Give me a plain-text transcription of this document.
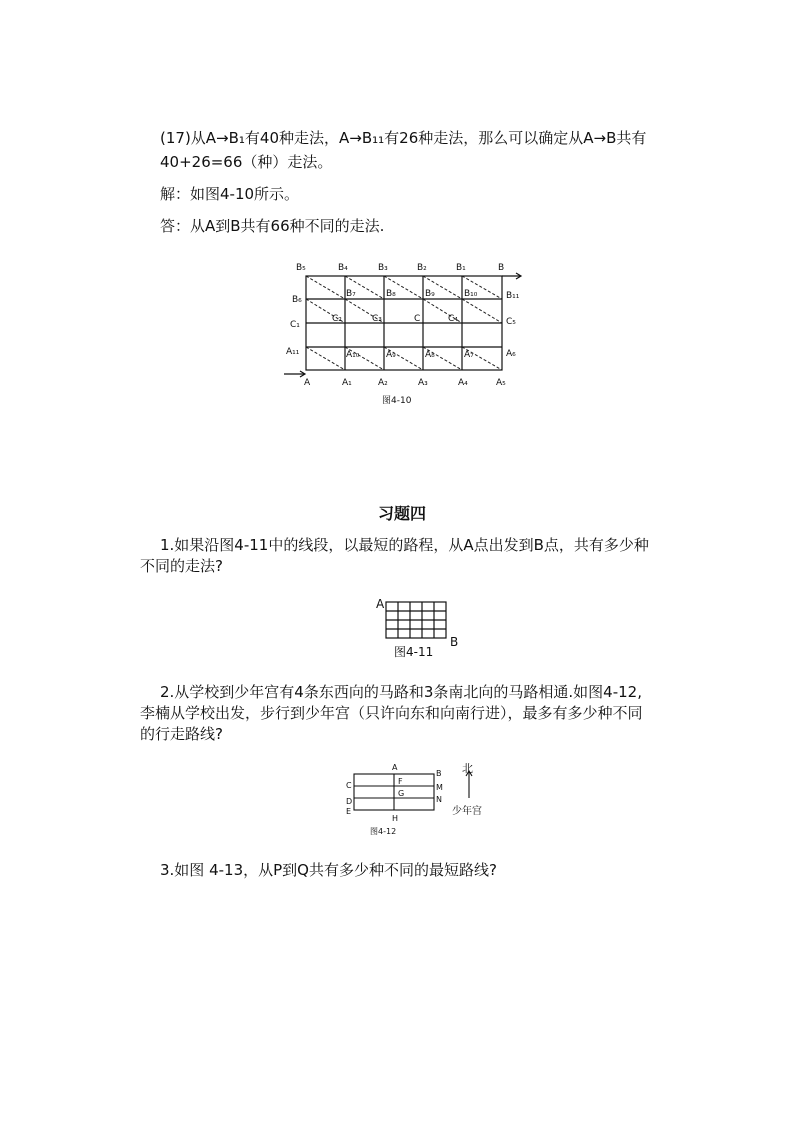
(17)从A→B₁有40种走法，A→B₁₁有26种走法，那么可以确定从A→B共有
40+26=66（种）走法。
解：如图4-10所示。
答：从A到B共有66种不同的走法.
B₅	B₄	B₃	B₂	B₁	B
B₆
C₁
A₁₁
B₁₁
C₅
A₆
A	A₁	A₂	A₃	A₄	A₅
B₇	B₈	B₉	B₁₀
C₂	C₃	C	C₄
A₁₀	A₉	A₈	A₇
图4-10
习题四
1.如果沿图4-11中的线段，以最短的路程，从A点出发到B点，共有多少种
不同的走法?
A
B
图4-11
2.从学校到少年宫有4条东西向的马路和3条南北向的马路相通.如图4-12,
李楠从学校出发，步行到少年宫（只许向东和向南行进），最多有多少种不同
的行走路线?
A
B
C
D
E
F
G
H
M
N
图4-12
北
少年宫
3.如图 4-13，从P到Q共有多少种不同的最短路线?
